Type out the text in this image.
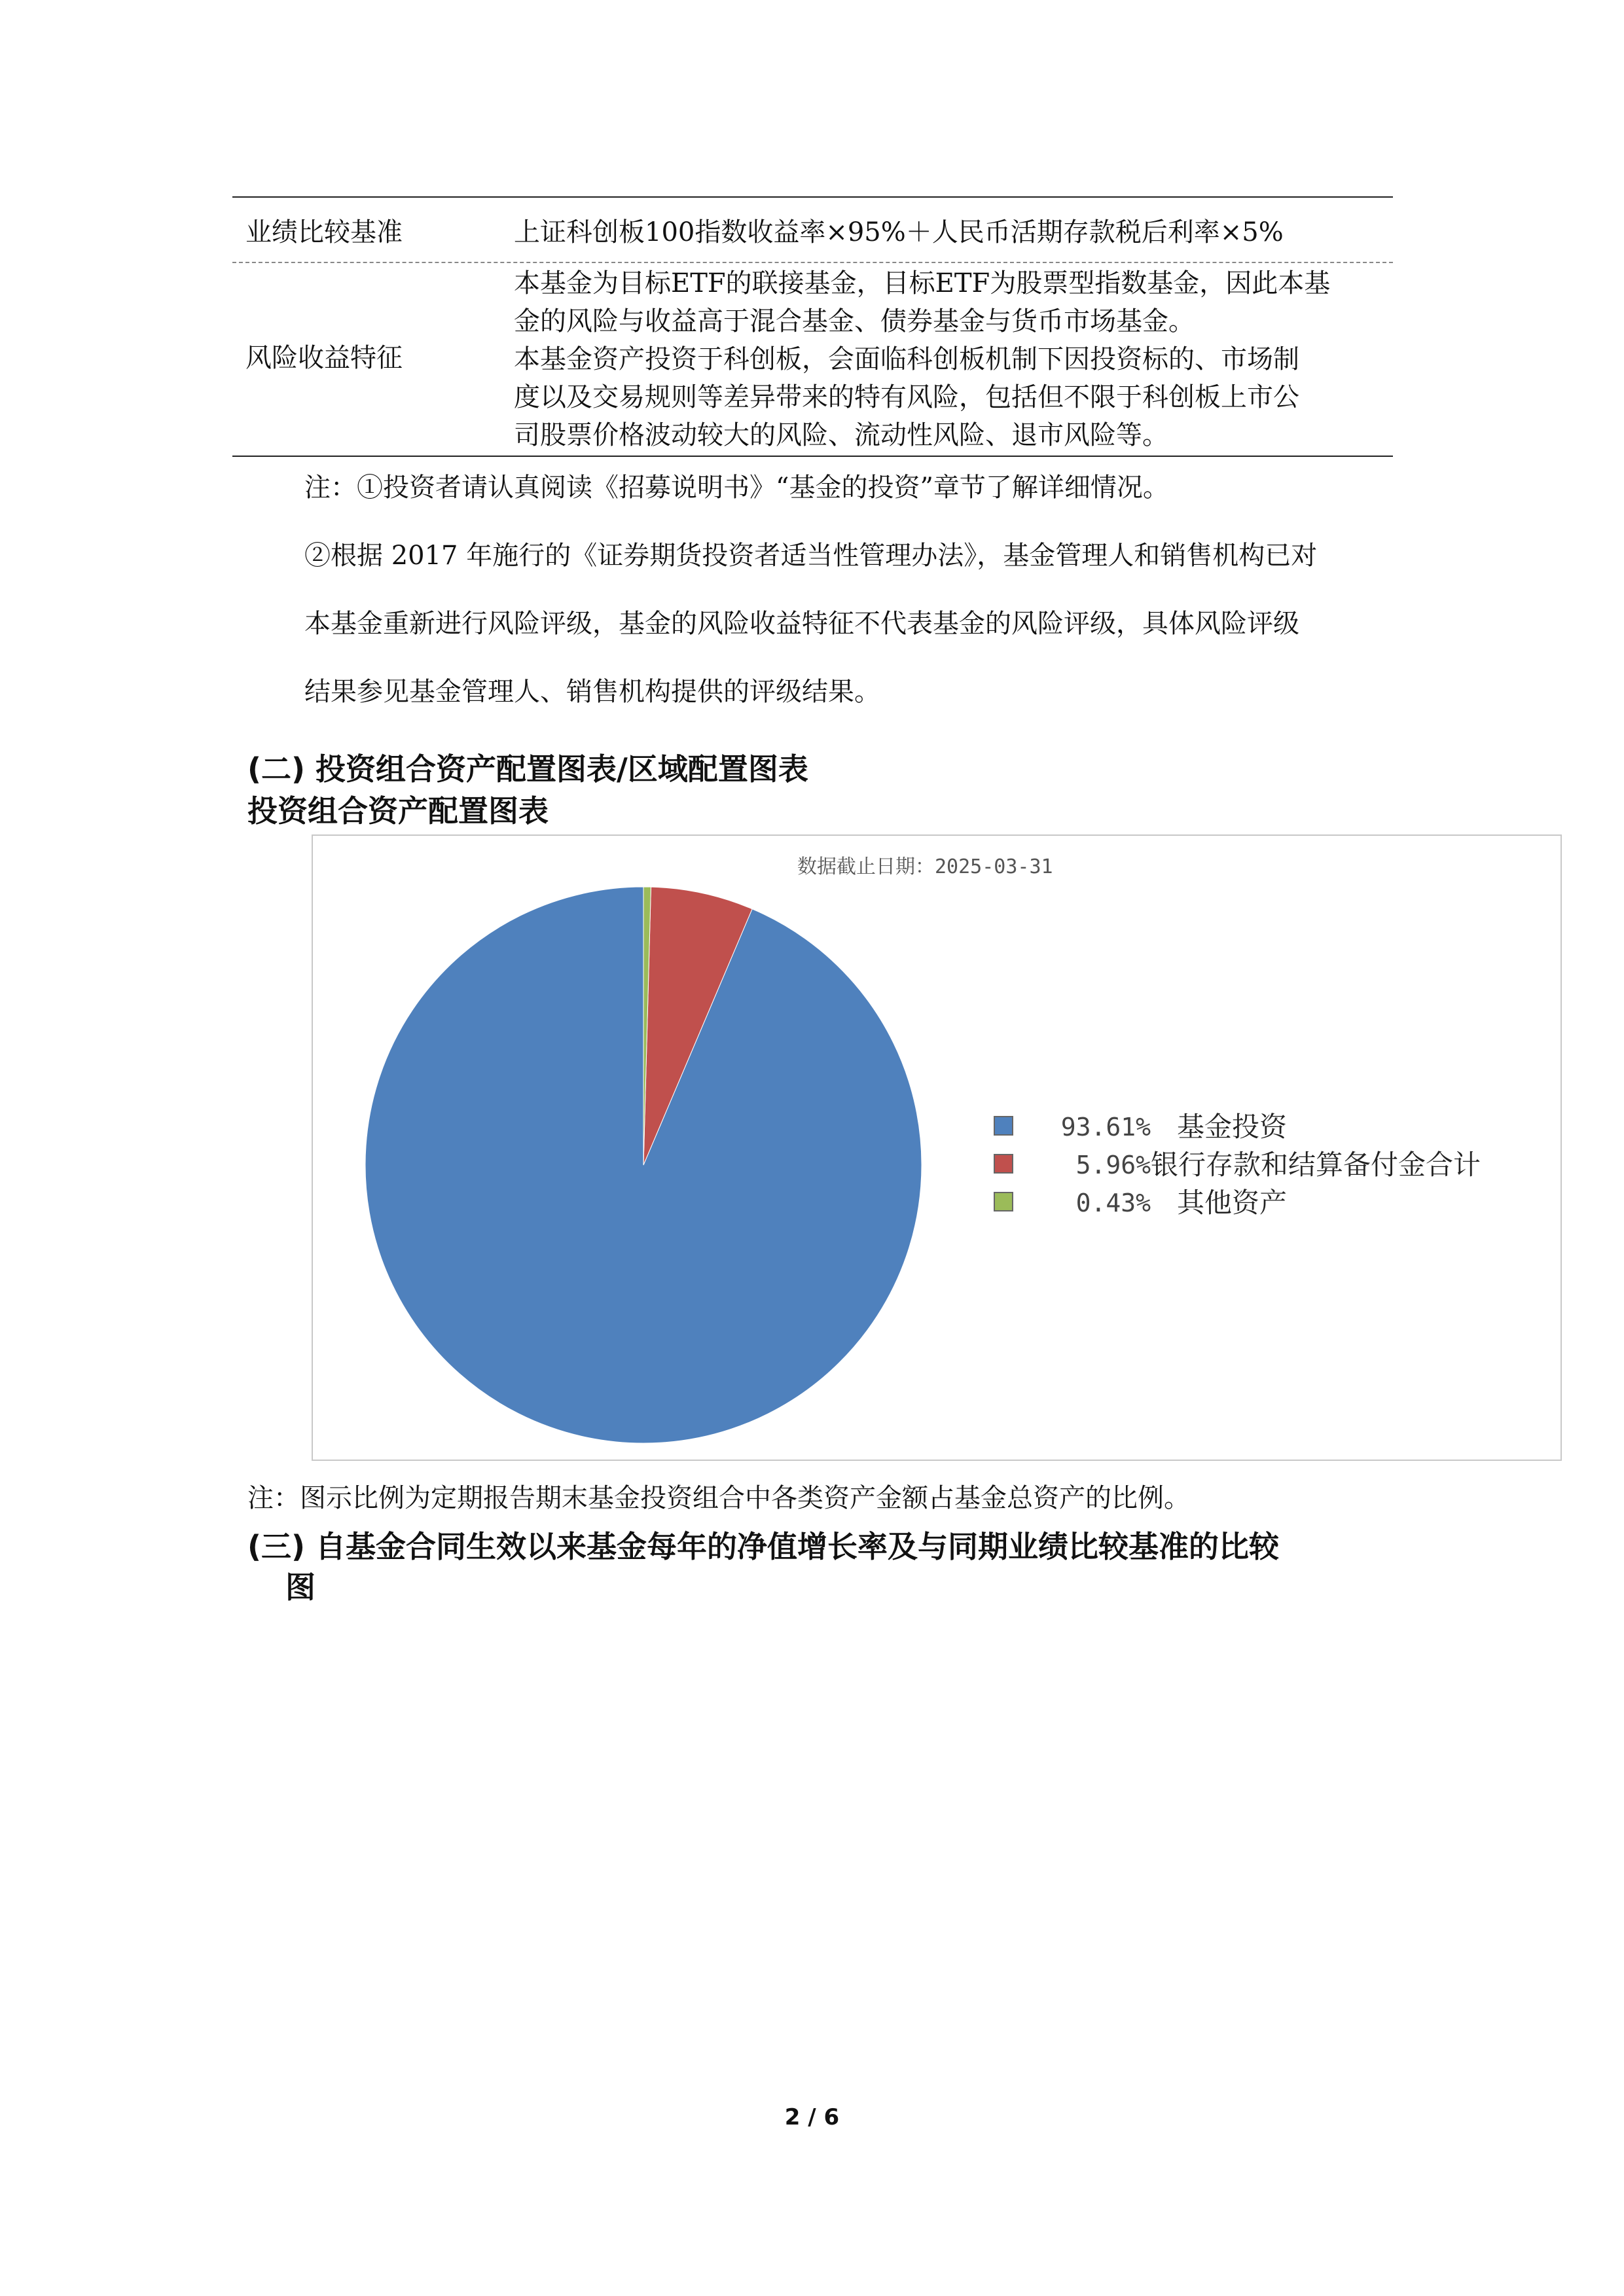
业绩比较基准	上证科创板100指数收益率×95%＋人民币活期存款税后利率×5%
风险收益特征
本基金为目标ETF的联接基金，目标ETF为股票型指数基金，因此本基
金的风险与收益高于混合基金、债券基金与货币市场基金。
本基金资产投资于科创板，会面临科创板机制下因投资标的、市场制
度以及交易规则等差异带来的特有风险，包括但不限于科创板上市公
司股票价格波动较大的风险、流动性风险、退市风险等。
注：①投资者请认真阅读《招募说明书》“基金的投资”章节了解详细情况。
②根据 2017 年施行的《证券期货投资者适当性管理办法》，基金管理人和销售机构已对
本基金重新进行风险评级，基金的风险收益特征不代表基金的风险评级，具体风险评级
结果参见基金管理人、销售机构提供的评级结果。
(二) 投资组合资产配置图表/区域配置图表
投资组合资产配置图表
数据截止日期：2025-03-31
93.61% 基金投资
5.96% 银行存款和结算备付金合计
0.43% 其他资产
注：图示比例为定期报告期末基金投资组合中各类资产金额占基金总资产的比例。
(三) 自基金合同生效以来基金每年的净值增长率及与同期业绩比较基准的比较
图
2 / 6
